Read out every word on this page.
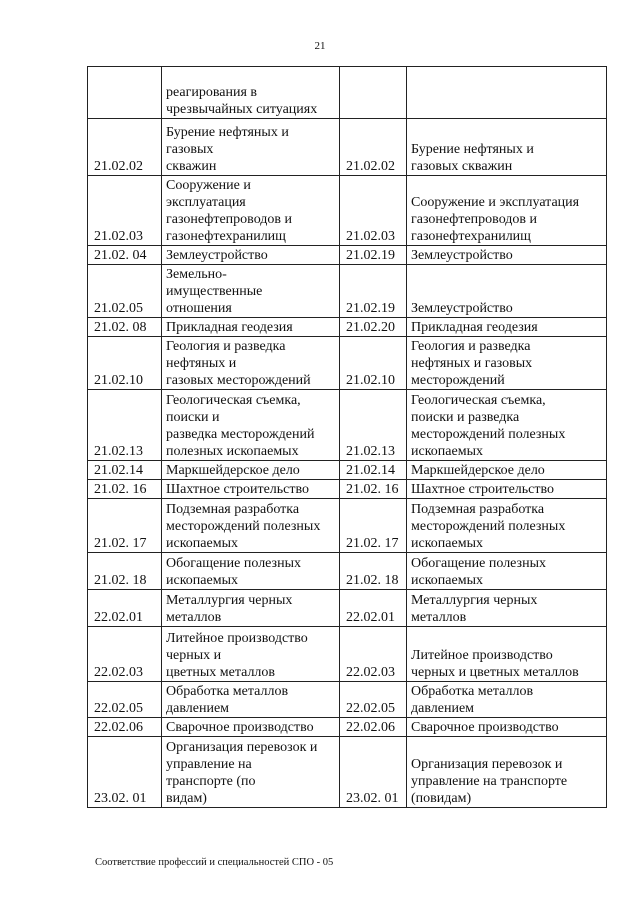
21
	реагирования в
чрезвычайных ситуациях		
21.02.02	Бурение нефтяных и
газовых
скважин	21.02.02	Бурение нефтяных и
газовых скважин
21.02.03	Сооружение и
эксплуатация
газонефтепроводов и
газонефтехранилищ	21.02.03	Сооружение и эксплуатация
газонефтепроводов и
газонефтехранилищ
21.02. 04	Землеустройство	21.02.19	Землеустройство
21.02.05	Земельно-
имущественные
отношения	21.02.19	Землеустройство
21.02. 08	Прикладная геодезия	21.02.20	Прикладная геодезия
21.02.10	Геология и разведка
нефтяных и
газовых месторождений	21.02.10	Геология и разведка
нефтяных и газовых
месторождений
21.02.13	Геологическая съемка,
поиски и
разведка месторождений
полезных ископаемых	21.02.13	Геологическая съемка,
поиски и разведка
месторождений полезных
ископаемых
21.02.14	Маркшейдерское дело	21.02.14	Маркшейдерское дело
21.02. 16	Шахтное строительство	21.02. 16	Шахтное строительство
21.02. 17	Подземная разработка
месторождений полезных
ископаемых	21.02. 17	Подземная разработка
месторождений полезных
ископаемых
21.02. 18	Обогащение полезных
ископаемых	21.02. 18	Обогащение полезных
ископаемых
22.02.01	Металлургия черных
металлов	22.02.01	Металлургия черных
металлов
22.02.03	Литейное производство
черных и
цветных металлов	22.02.03	Литейное производство
черных и цветных металлов
22.02.05	Обработка металлов
давлением	22.02.05	Обработка металлов
давлением
22.02.06	Сварочное производство	22.02.06	Сварочное производство
23.02. 01	Организация перевозок и
управление на
транспорте (по
видам)	23.02. 01	Организация перевозок и
управление на транспорте
(повидам)
Соответствие профессий и специальностей СПО - 05
